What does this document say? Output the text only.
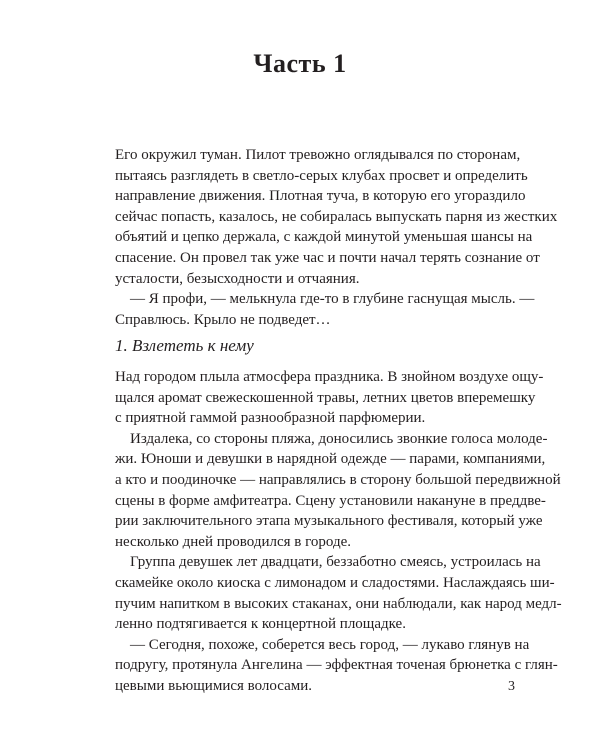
Часть 1
Его окружил туман. Пилот тревожно оглядывался по сторонам,
пытаясь разглядеть в светло-серых клубах просвет и определить
направление движения. Плотная туча, в которую его угораздило
сейчас попасть, казалось, не собиралась выпускать парня из жестких
объятий и цепко держала, с каждой минутой уменьшая шансы на
спасение. Он провел так уже час и почти начал терять сознание от
усталости, безысходности и отчаяния.
— Я профи, — мелькнула где-то в глубине гаснущая мысль. —
Справлюсь. Крыло не подведет…
1. Взлететь к нему
Над городом плыла атмосфера праздника. В знойном воздухе ощу-
щался аромат свежескошенной травы, летних цветов вперемешку
с приятной гаммой разнообразной парфюмерии.
Издалека, со стороны пляжа, доносились звонкие голоса молоде-
жи. Юноши и девушки в нарядной одежде — парами, компаниями,
а кто и поодиночке — направлялись в сторону большой передвижной
сцены в форме амфитеатра. Сцену установили накануне в преддве-
рии заключительного этапа музыкального фестиваля, который уже
несколько дней проводился в городе.
Группа девушек лет двадцати, беззаботно смеясь, устроилась на
скамейке около киоска с лимонадом и сладостями. Наслаждаясь ши-
пучим напитком в высоких стаканах, они наблюдали, как народ медл-
ленно подтягивается к концертной площадке.
— Сегодня, похоже, соберется весь город, — лукаво глянув на
подругу, протянула Ангелина — эффектная точеная брюнетка с глян-
цевыми вьющимися волосами.	3
